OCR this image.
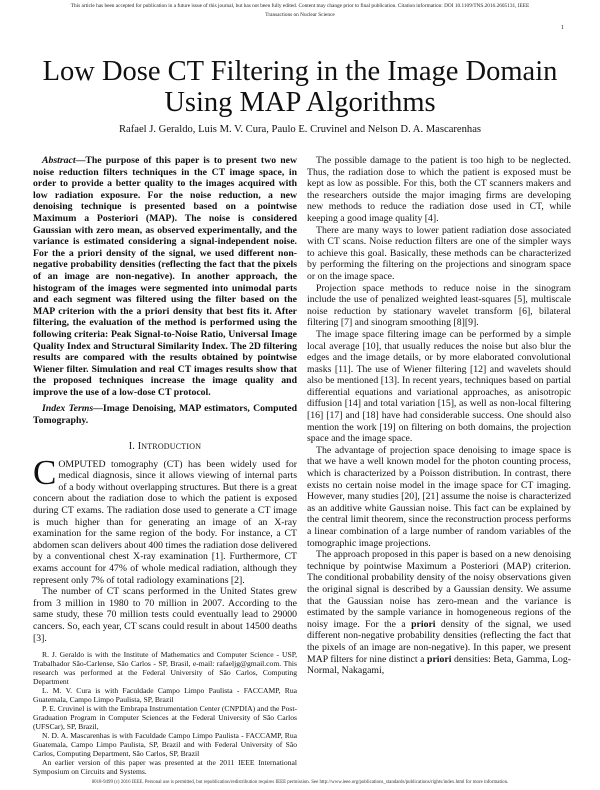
This article has been accepted for publication in a future issue of this journal, but has not been fully edited. Content may change prior to final publication. Citation information: DOI 10.1109/TNS.2016.2605131, IEEE
Transactions on Nuclear Science
1
Low Dose CT Filtering in the Image Domain Using MAP Algorithms
Rafael J. Geraldo, Luis M. V. Cura, Paulo E. Cruvinel and Nelson D. A. Mascarenhas

Abstract—The purpose of this paper is to present two new noise reduction filters techniques in the CT image space, in order to provide a better quality to the images acquired with low radiation exposure. For the noise reduction, a new denoising technique is presented based on a pointwise Maximum a Posteriori (MAP). The noise is considered Gaussian with zero mean, as observed experimentally, and the variance is estimated considering a signal-independent noise. For the a priori density of the signal, we used different non-negative probability densities (reflecting the fact that the pixels of an image are non-negative). In another approach, the histogram of the images were segmented into unimodal parts and each segment was filtered using the filter based on the MAP criterion with the a priori density that best fits it. After filtering, the evaluation of the method is performed using the following criteria: Peak Signal-to-Noise Ratio, Universal Image Quality Index and Structural Similarity Index. The 2D filtering results are compared with the results obtained by pointwise Wiener filter. Simulation and real CT images results show that the proposed techniques increase the image quality and improve the use of a low-dose CT protocol.

Index Terms—Image Denoising, MAP estimators, Computed Tomography.

I. INTRODUCTION

COMPUTED tomography (CT) has been widely used for medical diagnosis, since it allows viewing of internal parts of a body without overlapping structures. But there is a great concern about the radiation dose to which the patient is exposed during CT exams. The radiation dose used to generate a CT image is much higher than for generating an image of an X-ray examination for the same region of the body. For instance, a CT abdomen scan delivers about 400 times the radiation dose delivered by a conventional chest X-ray examination [1]. Furthermore, CT exams account for 47% of whole medical radiation, although they represent only 7% of total radiology examinations [2].

The number of CT scans performed in the United States grew from 3 million in 1980 to 70 million in 2007. According to the same study, these 70 million tests could eventually lead to 29000 cancers. So, each year, CT scans could result in about 14500 deaths [3].

R. J. Geraldo is with the Institute of Mathematics and Computer Science - USP, Trabalhador São-Carlense, São Carlos - SP, Brasil, e-mail: rafaeljg@gmail.com. This research was performed at the Federal University of São Carlos, Computing Department

L. M. V. Cura is with Faculdade Campo Limpo Paulista - FACCAMP, Rua Guatemala, Campo Limpo Paulista, SP, Brazil

P. E. Cruvinel is with the Embrapa Instrumentation Center (CNPDIA) and the Post-Graduation Program in Computer Sciences at the Federal University of São Carlos (UFSCar), SP, Brazil,

N. D. A. Mascarenhas is with Faculdade Campo Limpo Paulista - FACCAMP, Rua Guatemala, Campo Limpo Paulista, SP, Brazil and with Federal University of São Carlos, Computing Department, São Carlos, SP, Brazil

An earlier version of this paper was presented at the 2011 IEEE International Symposium on Circuits and Systems.

The possible damage to the patient is too high to be neglected. Thus, the radiation dose to which the patient is exposed must be kept as low as possible. For this, both the CT scanners makers and the researchers outside the major imaging firms are developing new methods to reduce the radiation dose used in CT, while keeping a good image quality [4].

There are many ways to lower patient radiation dose associated with CT scans. Noise reduction filters are one of the simpler ways to achieve this goal. Basically, these methods can be characterized by performing the filtering on the projections and sinogram space or on the image space.

Projection space methods to reduce noise in the sinogram include the use of penalized weighted least-squares [5], multiscale noise reduction by stationary wavelet transform [6], bilateral filtering [7] and sinogram smoothing [8][9].

The image space filtering image can be performed by a simple local average [10], that usually reduces the noise but also blur the edges and the image details, or by more elaborated convolutional masks [11]. The use of Wiener filtering [12] and wavelets should also be mentioned [13]. In recent years, techniques based on partial differential equations and variational approaches, as anisotropic diffusion [14] and total variation [15], as well as non-local filtering [16] [17] and [18] have had considerable success. One should also mention the work [19] on filtering on both domains, the projection space and the image space.

The advantage of projection space denoising to image space is that we have a well known model for the photon counting process, which is characterized by a Poisson distribution. In contrast, there exists no certain noise model in the image space for CT imaging. However, many studies [20], [21] assume the noise is characterized as an additive white Gaussian noise. This fact can be explained by the central limit theorem, since the reconstruction process performs a linear combination of a large number of random variables of the tomographic image projections.

The approach proposed in this paper is based on a new denoising technique by pointwise Maximum a Posteriori (MAP) criterion. The conditional probability density of the noisy observations given the original signal is described by a Gaussian density. We assume that the Gaussian noise has zero-mean and the variance is estimated by the sample variance in homogeneous regions of the noisy image. For the a priori density of the signal, we used different non-negative probability densities (reflecting the fact that the pixels of an image are non-negative). In this paper, we present MAP filters for nine distinct a priori densities: Beta, Gamma, Log-Normal, Nakagami,

0018-9499 (c) 2016 IEEE. Personal use is permitted, but republication/redistribution requires IEEE permission. See http://www.ieee.org/publications_standards/publications/rights/index.html for more information.
